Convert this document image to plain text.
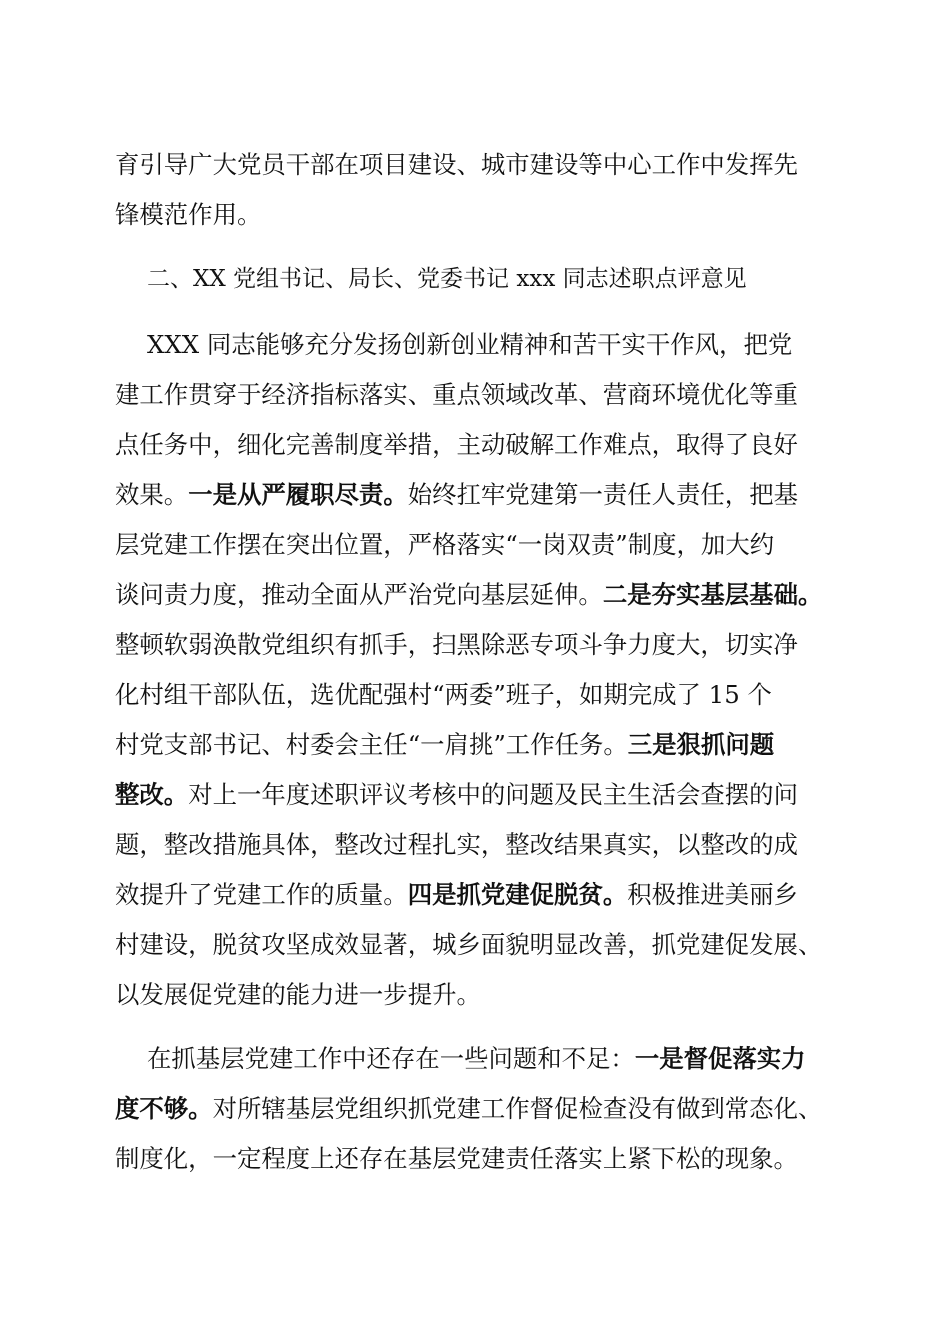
育引导广大党员干部在项目建设、城市建设等中心工作中发挥先
锋模范作用。
二、XX 党组书记、局长、党委书记 xxx 同志述职点评意见
XXX 同志能够充分发扬创新创业精神和苦干实干作风，把党
建工作贯穿于经济指标落实、重点领域改革、营商环境优化等重
点任务中，细化完善制度举措，主动破解工作难点，取得了良好
效果。一是从严履职尽责。始终扛牢党建第一责任人责任，把基
层党建工作摆在突出位置，严格落实“一岗双责”制度，加大约
谈问责力度，推动全面从严治党向基层延伸。二是夯实基层基础。
整顿软弱涣散党组织有抓手，扫黑除恶专项斗争力度大，切实净
化村组干部队伍，选优配强村“两委”班子，如期完成了 15 个
村党支部书记、村委会主任“一肩挑”工作任务。三是狠抓问题
整改。对上一年度述职评议考核中的问题及民主生活会查摆的问
题，整改措施具体，整改过程扎实，整改结果真实，以整改的成
效提升了党建工作的质量。四是抓党建促脱贫。积极推进美丽乡
村建设，脱贫攻坚成效显著，城乡面貌明显改善，抓党建促发展、
以发展促党建的能力进一步提升。
在抓基层党建工作中还存在一些问题和不足：一是督促落实力
度不够。对所辖基层党组织抓党建工作督促检查没有做到常态化、
制度化，一定程度上还存在基层党建责任落实上紧下松的现象。
